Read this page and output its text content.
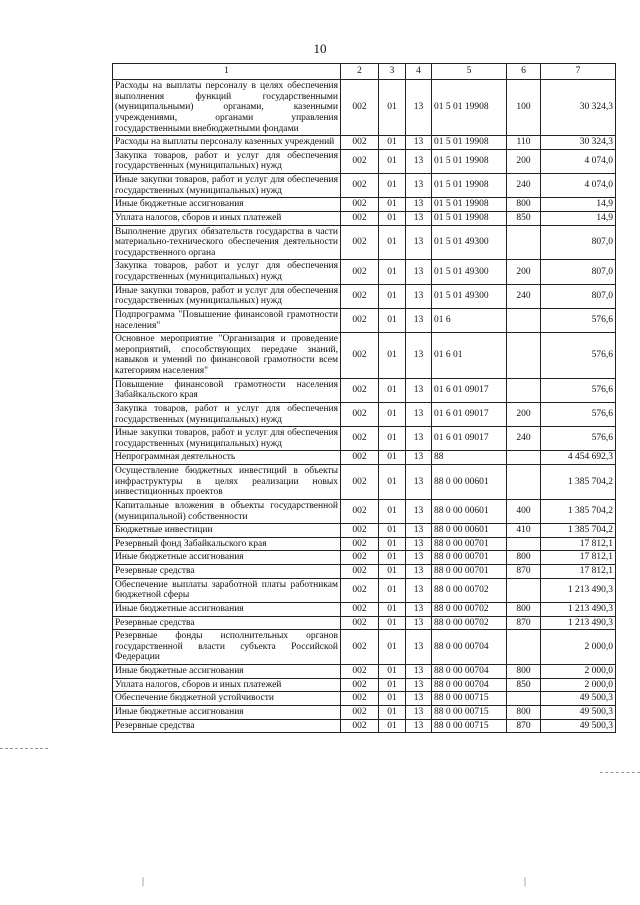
10
1	2	3	4	5	6	7
Расходы на выплаты персоналу в целях обеспечения выполнения функций государственными (муниципальными) органами, казенными учреждениями, органами управления государственными внебюджетными фондами	002	01	13	01 5 01 19908	100	30 324,3
Расходы на выплаты персоналу казенных учреждений	002	01	13	01 5 01 19908	110	30 324,3
Закупка товаров, работ и услуг для обеспечения государственных (муниципальных) нужд	002	01	13	01 5 01 19908	200	4 074,0
Иные закупки товаров, работ и услуг для обеспечения государственных (муниципальных) нужд	002	01	13	01 5 01 19908	240	4 074,0
Иные бюджетные ассигнования	002	01	13	01 5 01 19908	800	14,9
Уплата налогов, сборов и иных платежей	002	01	13	01 5 01 19908	850	14,9
Выполнение других обязательств государства в части материально-технического обеспечения деятельности государственного органа	002	01	13	01 5 01 49300		807,0
Закупка товаров, работ и услуг для обеспечения государственных (муниципальных) нужд	002	01	13	01 5 01 49300	200	807,0
Иные закупки товаров, работ и услуг для обеспечения государственных (муниципальных) нужд	002	01	13	01 5 01 49300	240	807,0
Подпрограмма "Повышение финансовой грамотности населения"	002	01	13	01 6		576,6
Основное мероприятие "Организация и проведение мероприятий, способствующих передаче знаний, навыков и умений по финансовой грамотности всем категориям населения"	002	01	13	01 6 01		576,6
Повышение финансовой грамотности населения Забайкальского края	002	01	13	01 6 01 09017		576,6
Закупка товаров, работ и услуг для обеспечения государственных (муниципальных) нужд	002	01	13	01 6 01 09017	200	576,6
Иные закупки товаров, работ и услуг для обеспечения государственных (муниципальных) нужд	002	01	13	01 6 01 09017	240	576,6
Непрограммная деятельность	002	01	13	88		4 454 692,3
Осуществление бюджетных инвестиций в объекты инфраструктуры в целях реализации новых инвестиционных проектов	002	01	13	88 0 00 00601		1 385 704,2
Капитальные вложения в объекты государственной (муниципальной) собственности	002	01	13	88 0 00 00601	400	1 385 704,2
Бюджетные инвестиции	002	01	13	88 0 00 00601	410	1 385 704,2
Резервный фонд Забайкальского края	002	01	13	88 0 00 00701		17 812,1
Иные бюджетные ассигнования	002	01	13	88 0 00 00701	800	17 812,1
Резервные средства	002	01	13	88 0 00 00701	870	17 812,1
Обеспечение выплаты заработной платы работникам бюджетной сферы	002	01	13	88 0 00 00702		1 213 490,3
Иные бюджетные ассигнования	002	01	13	88 0 00 00702	800	1 213 490,3
Резервные средства	002	01	13	88 0 00 00702	870	1 213 490,3
Резервные фонды исполнительных органов государственной власти субъекта Российской Федерации	002	01	13	88 0 00 00704		2 000,0
Иные бюджетные ассигнования	002	01	13	88 0 00 00704	800	2 000,0
Уплата налогов, сборов и иных платежей	002	01	13	88 0 00 00704	850	2 000,0
Обеспечение бюджетной устойчивости	002	01	13	88 0 00 00715		49 500,3
Иные бюджетные ассигнования	002	01	13	88 0 00 00715	800	49 500,3
Резервные средства	002	01	13	88 0 00 00715	870	49 500,3
|	|
